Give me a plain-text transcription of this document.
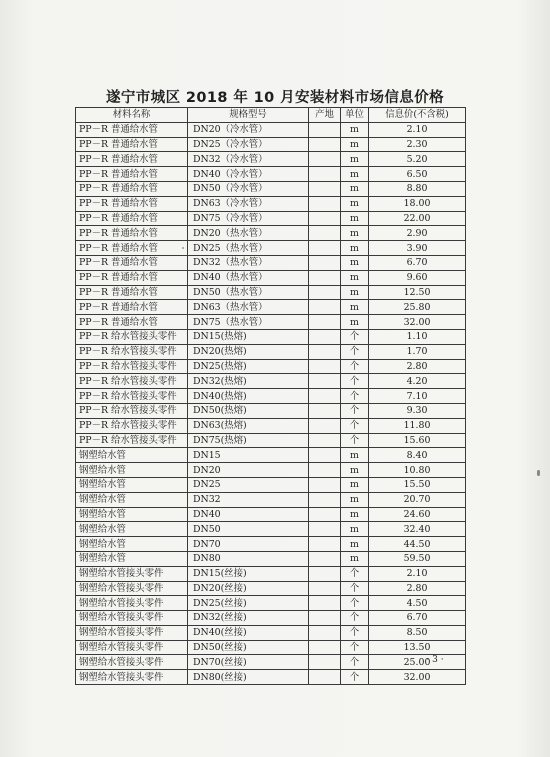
遂宁市城区 2018 年 10 月安装材料市场信息价格
材料名称	规格型号	产地	单位	信息价(不含税)
PP－R 普通给水管	DN20（冷水管）		m	2.10
PP－R 普通给水管	DN25（冷水管）		m	2.30
PP－R 普通给水管	DN32（冷水管）		m	5.20
PP－R 普通给水管	DN40（冷水管）		m	6.50
PP－R 普通给水管	DN50（冷水管）		m	8.80
PP－R 普通给水管	DN63（冷水管）		m	18.00
PP－R 普通给水管	DN75（冷水管）		m	22.00
PP－R 普通给水管	DN20（热水管）		m	2.90
PP－R 普通给水管	DN25（热水管）		m	3.90
PP－R 普通给水管	DN32（热水管）		m	6.70
PP－R 普通给水管	DN40（热水管）		m	9.60
PP－R 普通给水管	DN50（热水管）		m	12.50
PP－R 普通给水管	DN63（热水管）		m	25.80
PP－R 普通给水管	DN75（热水管）		m	32.00
PP－R 给水管接头零件	DN15(热熔)		个	1.10
PP－R 给水管接头零件	DN20(热熔)		个	1.70
PP－R 给水管接头零件	DN25(热熔)		个	2.80
PP－R 给水管接头零件	DN32(热熔)		个	4.20
PP－R 给水管接头零件	DN40(热熔)		个	7.10
PP－R 给水管接头零件	DN50(热熔)		个	9.30
PP－R 给水管接头零件	DN63(热熔)		个	11.80
PP－R 给水管接头零件	DN75(热熔)		个	15.60
钢塑给水管	DN15		m	8.40
钢塑给水管	DN20		m	10.80
钢塑给水管	DN25		m	15.50
钢塑给水管	DN32		m	20.70
钢塑给水管	DN40		m	24.60
钢塑给水管	DN50		m	32.40
钢塑给水管	DN70		m	44.50
钢塑给水管	DN80		m	59.50
钢塑给水管接头零件	DN15(丝接)		个	2.10
钢塑给水管接头零件	DN20(丝接)		个	2.80
钢塑给水管接头零件	DN25(丝接)		个	4.50
钢塑给水管接头零件	DN32(丝接)		个	6.70
钢塑给水管接头零件	DN40(丝接)		个	8.50
钢塑给水管接头零件	DN50(丝接)		个	13.50
钢塑给水管接头零件	DN70(丝接)		个	25.00
钢塑给水管接头零件	DN80(丝接)		个	32.00
· 3 ·
